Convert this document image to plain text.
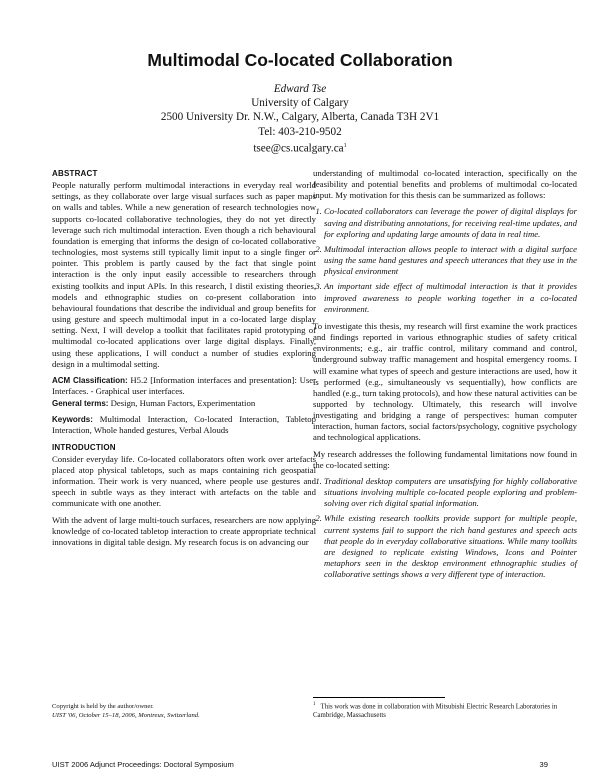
Multimodal Co-located Collaboration
Edward Tse
University of Calgary
2500 University Dr. N.W., Calgary, Alberta, Canada T3H 2V1
Tel: 403-210-9502
$tsee@cs.ucalgary.ca^1$
ABSTRACT

People naturally perform multimodal interactions in everyday real world settings, as they collaborate over large visual surfaces such as paper maps on walls and tables. While a new generation of research technologies now supports co-located collaborative technologies, they do not yet directly leverage such rich multimodal interaction. Even though a rich behavioural foundation is emerging that informs the design of co-located collaborative technologies, most systems still typically limit input to a single finger or pointer. This problem is partly caused by the fact that single point interaction is the only input easily accessible to researchers through existing toolkits and input APIs. In this research, I distil existing theories, models and ethnographic studies on co-present collaboration into behavioural foundations that describe the individual and group benefits for using gesture and speech multimodal input in a co-located large display setting. Next, I will develop a toolkit that facilitates rapid prototyping of multimodal co-located applications over large digital displays. Finally, using these applications, I will conduct a number of studies exploring design in a multimodal setting.

ACM Classification: H5.2 [Information interfaces and presentation]: User Interfaces. - Graphical user interfaces.

General terms: Design, Human Factors, Experimentation

Keywords: Multimodal Interaction, Co-located Interaction, Tabletop Interaction, Whole handed gestures, Verbal Alouds

INTRODUCTION

Consider everyday life. Co-located collaborators often work over artefacts placed atop physical tabletops, such as maps containing rich geospatial information. Their work is very nuanced, where people use gestures and speech in subtle ways as they interact with artefacts on the table and communicate with one another.

With the advent of large multi-touch surfaces, researchers are now applying knowledge of co-located tabletop interaction to create appropriate technical innovations in digital table design. My research focus is on advancing our

understanding of multimodal co-located interaction, specifically on the feasibility and potential benefits and problems of multimodal co-located input. My motivation for this thesis can be summarized as follows:

1. Co-located collaborators can leverage the power of digital displays for saving and distributing annotations, for receiving real-time updates, and for exploring and updating large amounts of data in real time.
2. Multimodal interaction allows people to interact with a digital surface using the same hand gestures and speech utterances that they use in the physical environment
3. An important side effect of multimodal interaction is that it provides improved awareness to people working together in a co-located environment.

To investigate this thesis, my research will first examine the work practices and findings reported in various ethnographic studies of safety critical environments; e.g., air traffic control, military command and control, underground subway traffic management and hospital emergency rooms. I will examine what types of speech and gesture interactions are used, how it is performed (e.g., simultaneously vs sequentially), how conflicts are handled (e.g., turn taking protocols), and how these natural activities can be supported by technology. Ultimately, this research will involve investigating and bridging a range of perspectives: human computer interaction, human factors, social factors/psychology, cognitive psychology and technological applications.

My research addresses the following fundamental limitations now found in the co-located setting:

1. Traditional desktop computers are unsatisfying for highly collaborative situations involving multiple co-located people exploring and problem-solving over rich digital spatial information.
2. While existing research toolkits provide support for multiple people, current systems fail to support the rich hand gestures and speech acts that people do in everyday collaborative situations. While many toolkits are designed to replicate existing Windows, Icons and Pointer metaphors seen in the desktop environment ethnographic studies of collaborative settings shows a very different type of interaction.
Copyright is held by the author/owner.
UIST '06, October 15–18, 2006, Montreux, Switzerland.
$^1$ This work was done in collaboration with Mitsubishi Electric Research Laboratories in Cambridge, Massachusetts
UIST 2006 Adjunct Proceedings: Doctoral Symposium	39
